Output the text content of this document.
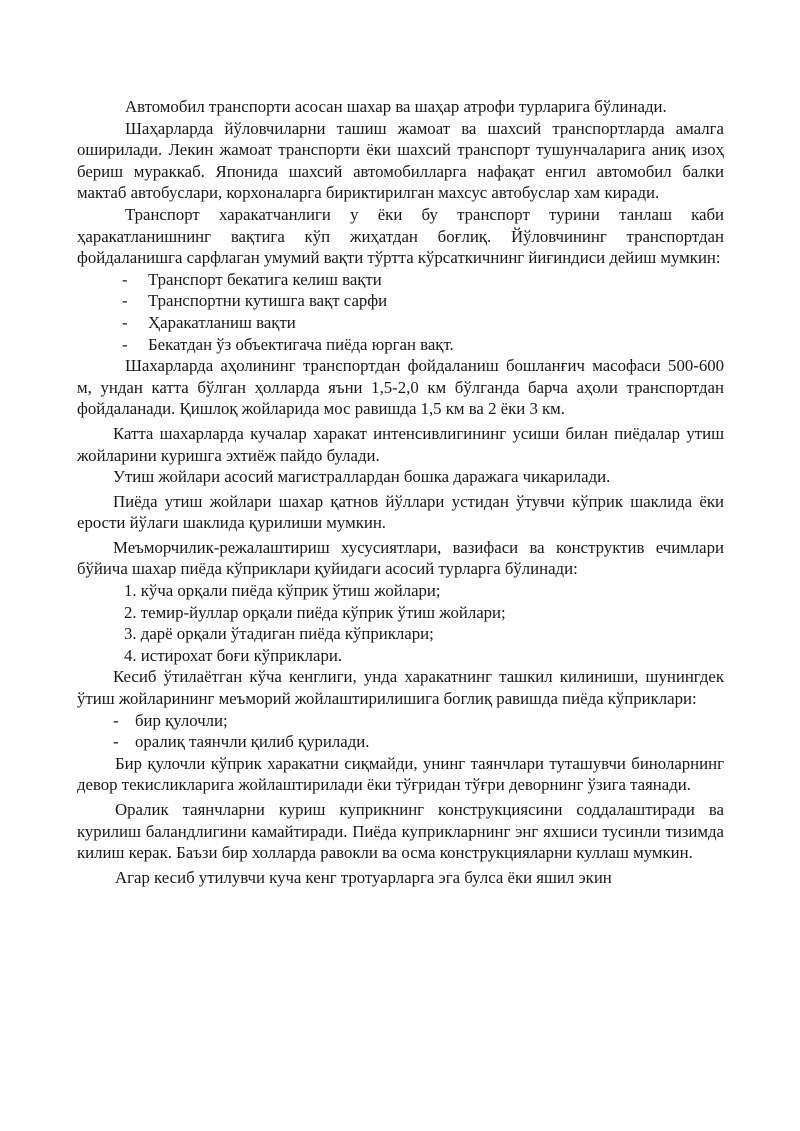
Автомобил транспорти асосан шахар ва шаҳар атрофи турларига бўлинади.

Шаҳарларда йўловчиларни ташиш жамоат ва шахсий транспортларда амалга оширилади. Лекин жамоат транспорти ёки шахсий транспорт тушунчаларига аниқ изоҳ бериш мураккаб. Японида шахсий автомобилларга нафақат енгил автомобил балки мактаб автобуслари, корхоналарга бириктирилган махсус автобуслар хам киради.

Транспорт харакатчанлиги у ёки бу транспорт турини танлаш каби ҳаракатланишнинг вақтига кўп жиҳатдан боғлиқ. Йўловчининг транспортдан фойдаланишга сарфлаган умумий вақти тўртта кўрсаткичнинг йиғиндиси дейиш мумкин:

- Транспорт бекатига келиш вақти

- Транспортни кутишга вақт сарфи

- Ҳаракатланиш вақти

- Бекатдан ўз объектигача пиёда юрган вақт.

Шахарларда аҳолининг транспортдан фойдаланиш бошланғич масофаси 500-600 м, ундан катта бўлган ҳолларда яъни 1,5-2,0 км бўлганда барча аҳоли транспортдан фойдаланади. Қишлоқ жойларида мос равишда 1,5 км ва 2 ёки 3 км.

Катта шахарларда кучалар харакат интенсивлигининг усиши билан пиёдалар утиш жойларини куришга эхтиёж пайдо булади.

Утиш жойлари асосий магистраллардан бошка даражага чикарилади.

Пиёда утиш жойлари шахар қатнов йўллари устидан ўтувчи кўприк шаклида ёки ерости йўлаги шаклида қурилиши мумкин.

Меъморчилик-режалаштириш хусусиятлари, вазифаси ва конструктив ечимлари бўйича шахар пиёда кўприклари қуйидаги асосий турларга бўлинади:

1. кўча орқали пиёда кўприк ўтиш жойлари;

2. темир-йуллар орқали пиёда кўприк ўтиш жойлари;

3. дарё орқали ўтадиган пиёда кўприклари;

4. истирохат боғи кўприклари.

Кесиб ўтилаётган кўча кенглиги, унда харакатнинг ташкил килиниши, шунингдек ўтиш жойларининг меъморий жойлаштирилишига боглиқ равишда пиёда кўприклари:

- бир қулочли;

- оралиқ таянчли қилиб қурилади.

Бир қулочли кўприк харакатни сиқмайди, унинг таянчлари туташувчи биноларнинг девор текисликларига жойлаштирилади ёки тўғридан тўғри деворнинг ўзига таянади.

Оралик таянчларни куриш куприкнинг конструкциясини соддалаштиради ва курилиш баландлигини камайтиради. Пиёда куприкларнинг энг яхшиси тусинли тизимда килиш керак. Баъзи бир холларда равокли ва осма конструкцияларни куллаш мумкин.

Агар кесиб утилувчи куча кенг тротуарларга эга булса ёки яшил экин
